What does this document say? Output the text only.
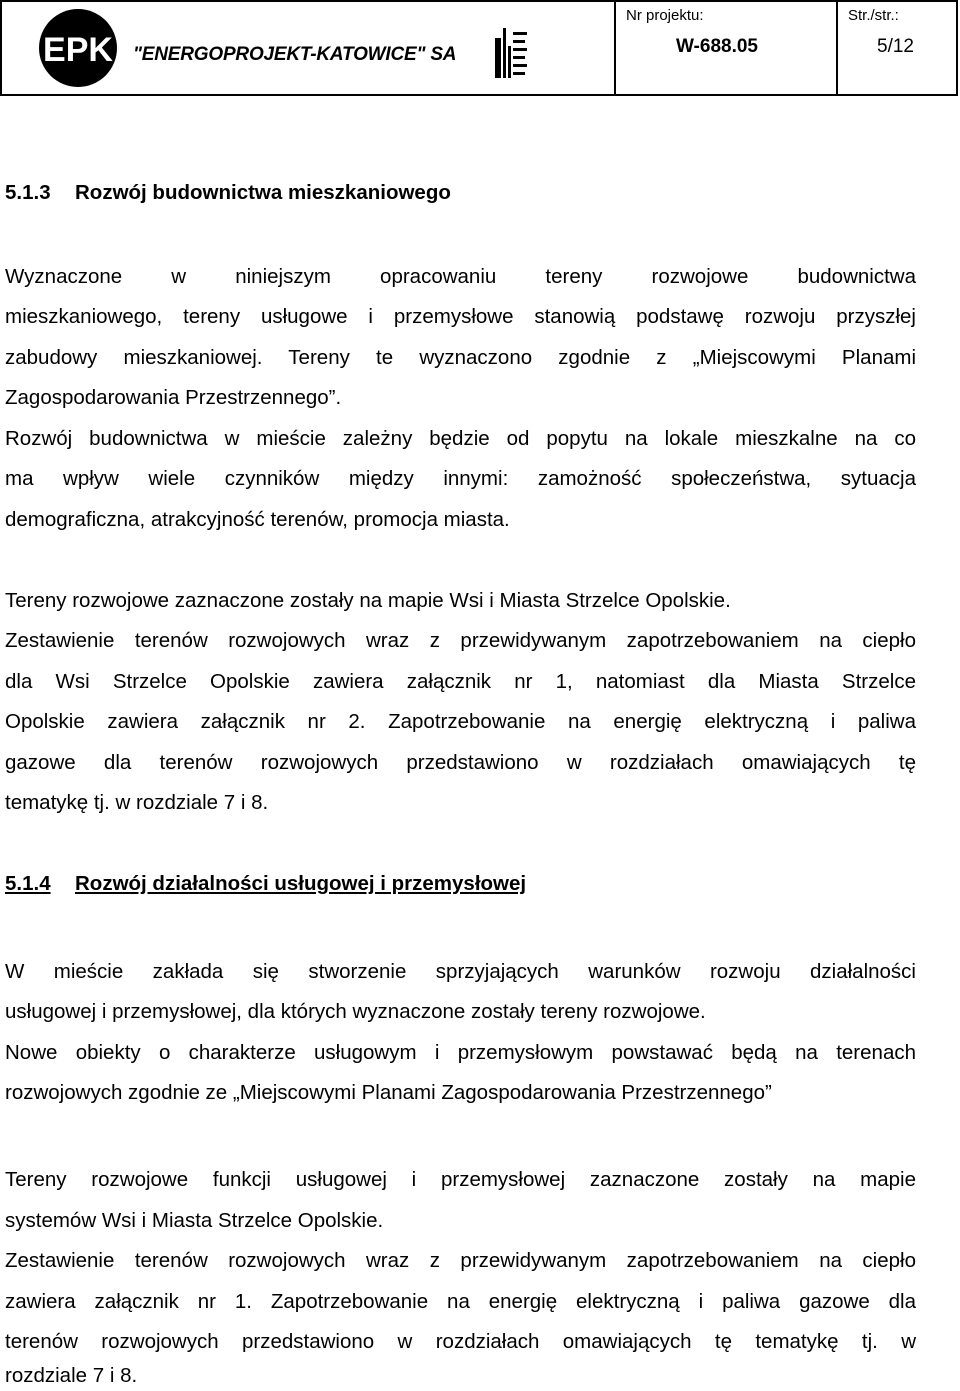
EPK "ENERGOPROJEKT-KATOWICE" SA
Nr projektu:
W-688.05
Str./str.:
5/12
5.1.3 Rozwój budownictwa mieszkaniowego
Wyznaczone w niniejszym opracowaniu tereny rozwojowe budownictwa
mieszkaniowego, tereny usługowe i przemysłowe stanowią podstawę rozwoju przyszłej
zabudowy mieszkaniowej. Tereny te wyznaczono zgodnie z „Miejscowymi Planami
Zagospodarowania Przestrzennego”.
Rozwój budownictwa w mieście zależny będzie od popytu na lokale mieszkalne na co
ma wpływ wiele czynników między innymi: zamożność społeczeństwa, sytuacja
demograficzna, atrakcyjność terenów, promocja miasta.
Tereny rozwojowe zaznaczone zostały na mapie Wsi i Miasta Strzelce Opolskie.
Zestawienie terenów rozwojowych wraz z przewidywanym zapotrzebowaniem na ciepło
dla Wsi Strzelce Opolskie zawiera załącznik nr 1, natomiast dla Miasta Strzelce
Opolskie zawiera załącznik nr 2. Zapotrzebowanie na energię elektryczną i paliwa
gazowe dla terenów rozwojowych przedstawiono w rozdziałach omawiających tę
tematykę tj. w rozdziale 7 i 8.
5.1.4 Rozwój działalności usługowej i przemysłowej
W mieście zakłada się stworzenie sprzyjających warunków rozwoju działalności
usługowej i przemysłowej, dla których wyznaczone zostały tereny rozwojowe.
Nowe obiekty o charakterze usługowym i przemysłowym powstawać będą na terenach
rozwojowych zgodnie ze „Miejscowymi Planami Zagospodarowania Przestrzennego”
Tereny rozwojowe funkcji usługowej i przemysłowej zaznaczone zostały na mapie
systemów Wsi i Miasta Strzelce Opolskie.
Zestawienie terenów rozwojowych wraz z przewidywanym zapotrzebowaniem na ciepło
zawiera załącznik nr 1. Zapotrzebowanie na energię elektryczną i paliwa gazowe dla
terenów rozwojowych przedstawiono w rozdziałach omawiających tę tematykę tj. w
rozdziale 7 i 8.
